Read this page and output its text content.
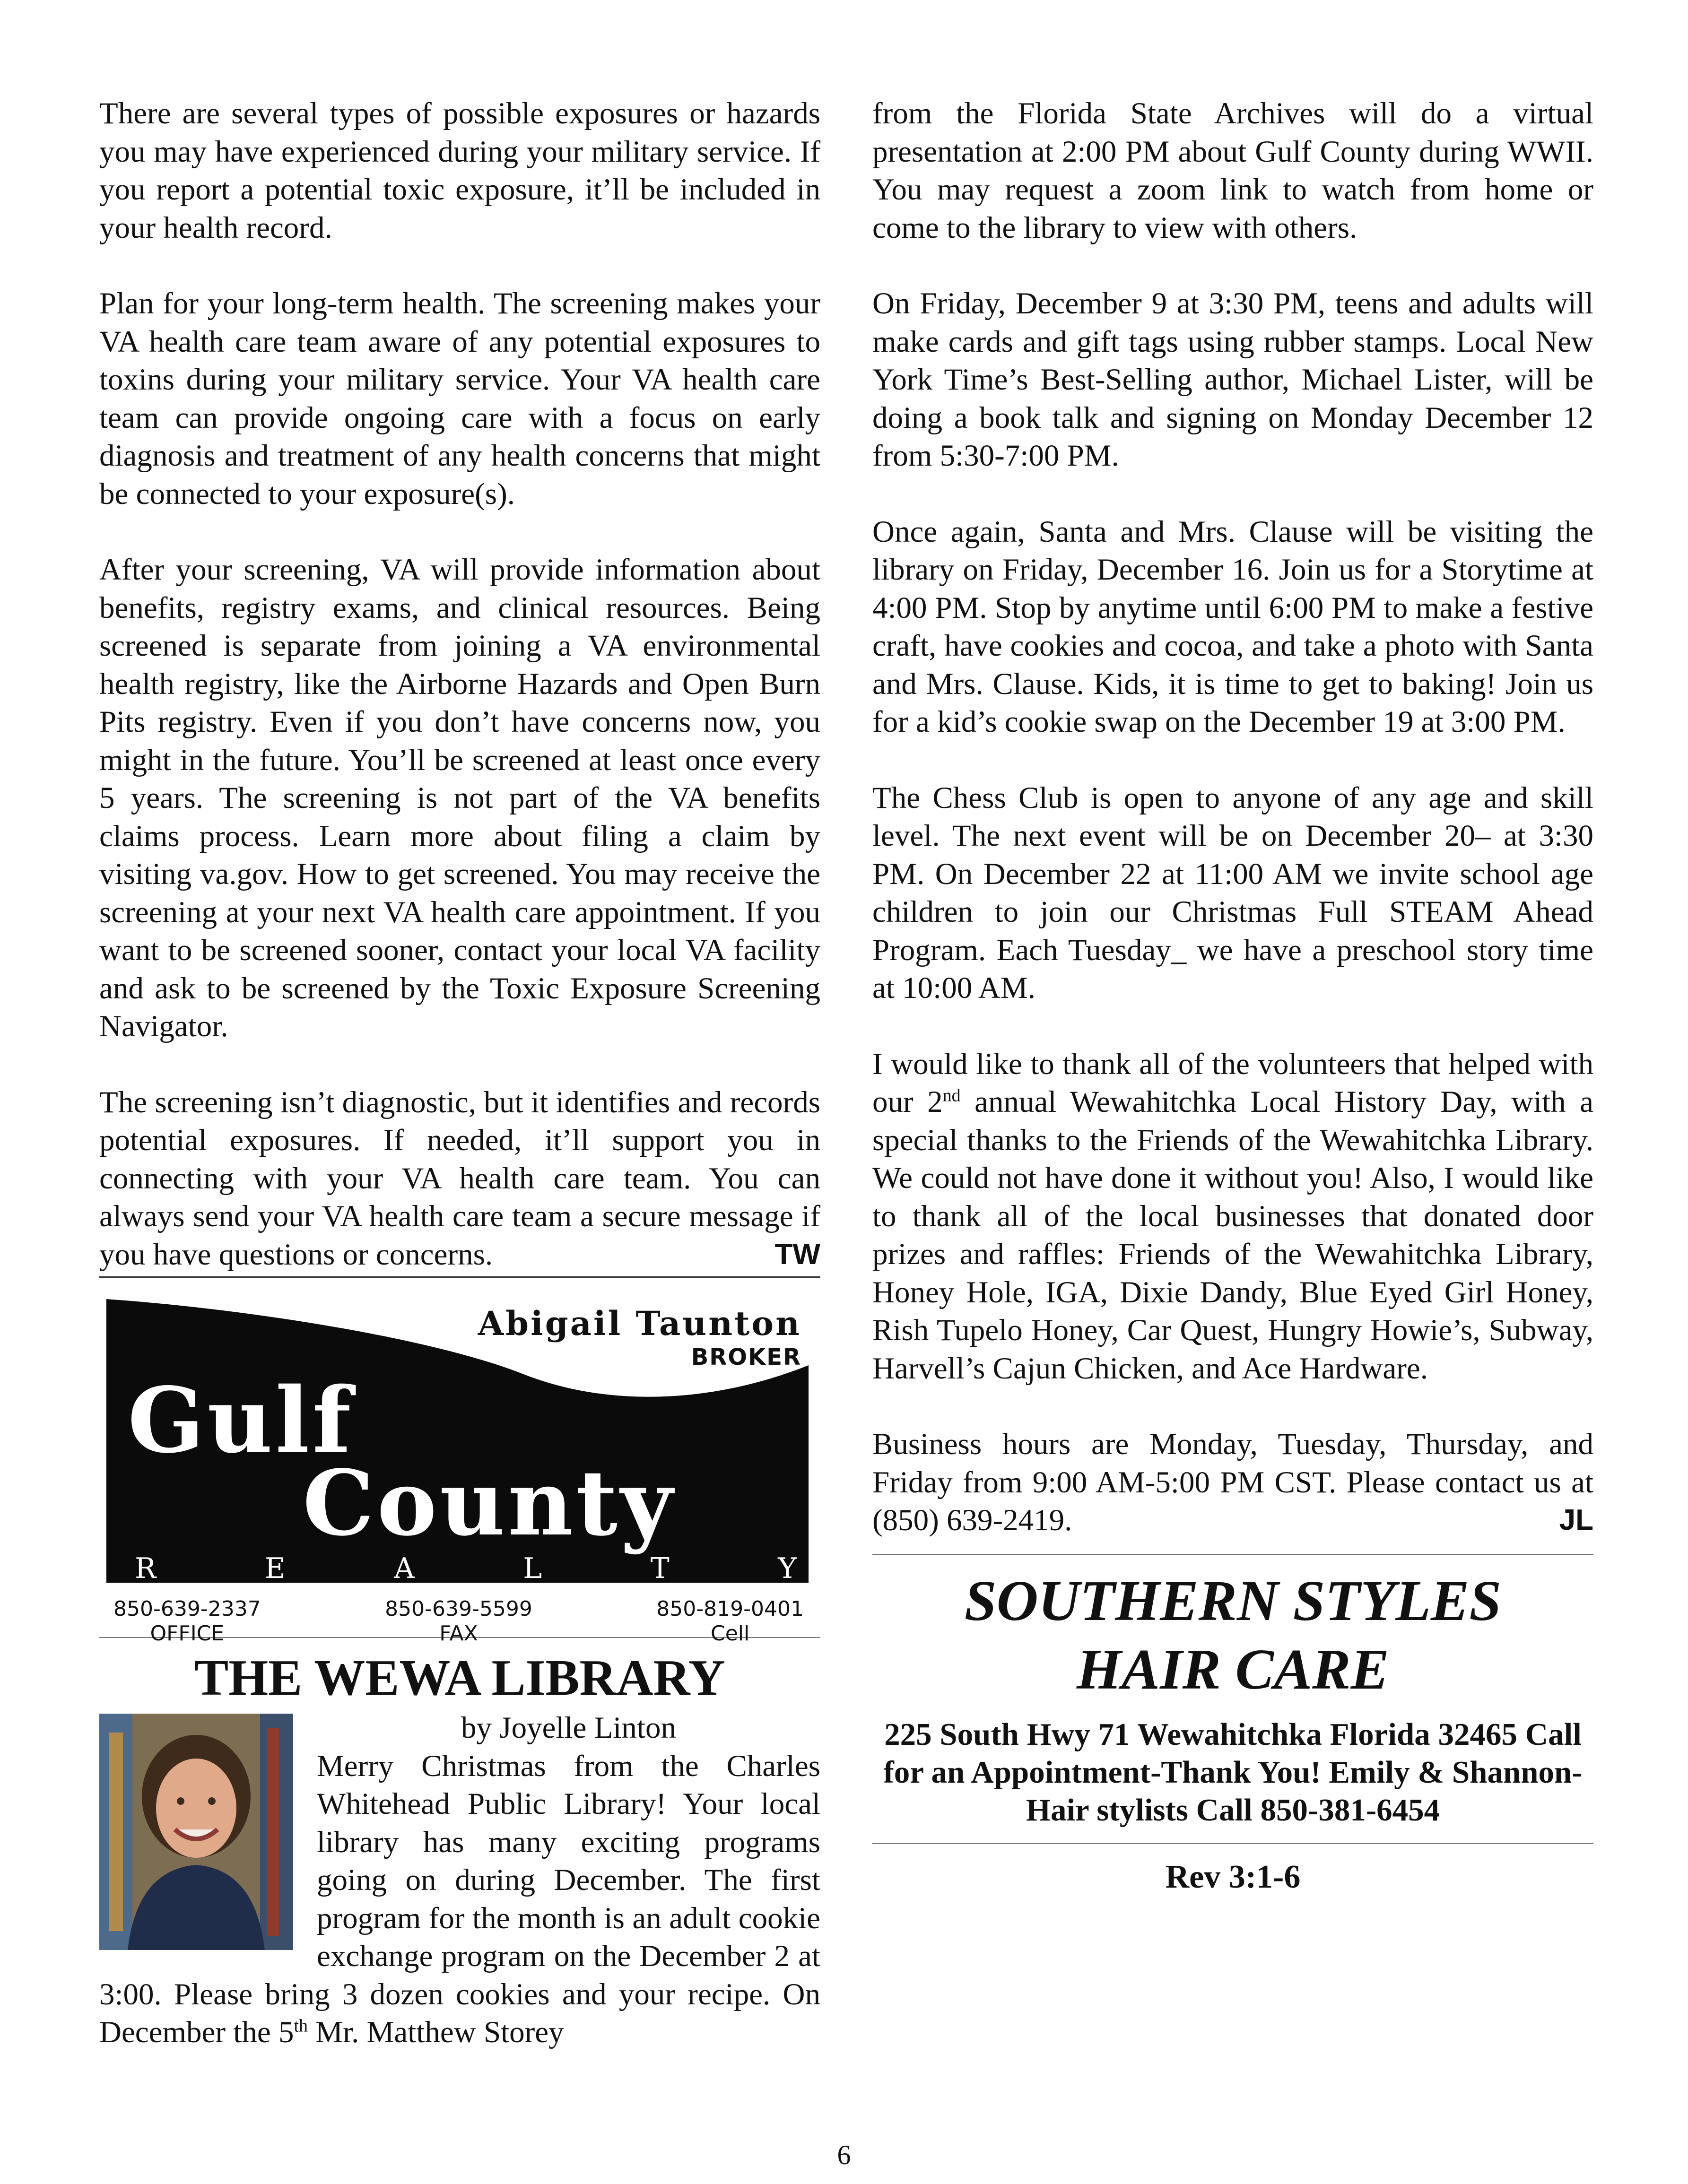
There are several types of possible exposures or hazards you may have experienced during your military service. If you report a potential toxic exposure, it’ll be included in your health record.

Plan for your long-term health. The screening makes your VA health care team aware of any potential exposures to toxins during your military service. Your VA health care team can provide ongoing care with a focus on early diagnosis and treatment of any health concerns that might be connected to your exposure(s).

After your screening, VA will provide information about benefits, registry exams, and clinical resources. Being screened is separate from joining a VA environmental health registry, like the Airborne Hazards and Open Burn Pits registry. Even if you don’t have concerns now, you might in the future. You’ll be screened at least once every 5 years. The screening is not part of the VA benefits claims process. Learn more about filing a claim by visiting va.gov. How to get screened. You may receive the screening at your next VA health care appointment. If you want to be screened sooner, contact your local VA facility and ask to be screened by the Toxic Exposure Screening Navigator.

The screening isn’t diagnostic, but it identifies and records potential exposures. If needed, it’ll support you in connecting with your VA health care team. You can always send your VA health care team a secure message if you have questions or concerns.	TW

Abigail Taunton
BROKER
Gulf
County
R	E	A	L	T	Y
850-639-2337
OFFICE
850-639-5599
FAX
850-819-0401
Cell
THE WEWA LIBRARY
by Joyelle Linton

Merry Christmas from the Charles Whitehead Public Library! Your local library has many exciting programs going on during December. The first program for the month is an adult cookie exchange program on the December 2 at 3:00. Please bring 3 dozen cookies and your recipe. On December the 5th Mr. Matthew Storey

from the Florida State Archives will do a virtual presentation at 2:00 PM about Gulf County during WWII. You may request a zoom link to watch from home or come to the library to view with others.

On Friday, December 9 at 3:30 PM, teens and adults will make cards and gift tags using rubber stamps. Local New York Time’s Best-Selling author, Michael Lister, will be doing a book talk and signing on Monday December 12 from 5:30-7:00 PM.

Once again, Santa and Mrs. Clause will be visiting the library on Friday, December 16. Join us for a Storytime at 4:00 PM. Stop by anytime until 6:00 PM to make a festive craft, have cookies and cocoa, and take a photo with Santa and Mrs. Clause. Kids, it is time to get to baking! Join us for a kid’s cookie swap on the December 19 at 3:00 PM.

The Chess Club is open to anyone of any age and skill level. The next event will be on December 20– at 3:30 PM. On December 22 at 11:00 AM we invite school age children to join our Christmas Full STEAM Ahead Program. Each Tuesday_ we have a preschool story time at 10:00 AM.

I would like to thank all of the volunteers that helped with our 2nd annual Wewahitchka Local History Day, with a special thanks to the Friends of the Wewahitchka Library. We could not have done it without you! Also, I would like to thank all of the local businesses that donated door prizes and raffles: Friends of the Wewahitchka Library, Honey Hole, IGA, Dixie Dandy, Blue Eyed Girl Honey, Rish Tupelo Honey, Car Quest, Hungry Howie’s, Subway, Harvell’s Cajun Chicken, and Ace Hardware.

Business hours are Monday, Tuesday, Thursday, and Friday from 9:00 AM-5:00 PM CST. Please contact us at (850) 639-2419.	JL

SOUTHERN STYLES
HAIR CARE
225 South Hwy 71 Wewahitchka Florida 32465 Call for an Appointment-Thank You! Emily & Shannon-Hair stylists Call 850-381-6454
Rev 3:1-6
6
